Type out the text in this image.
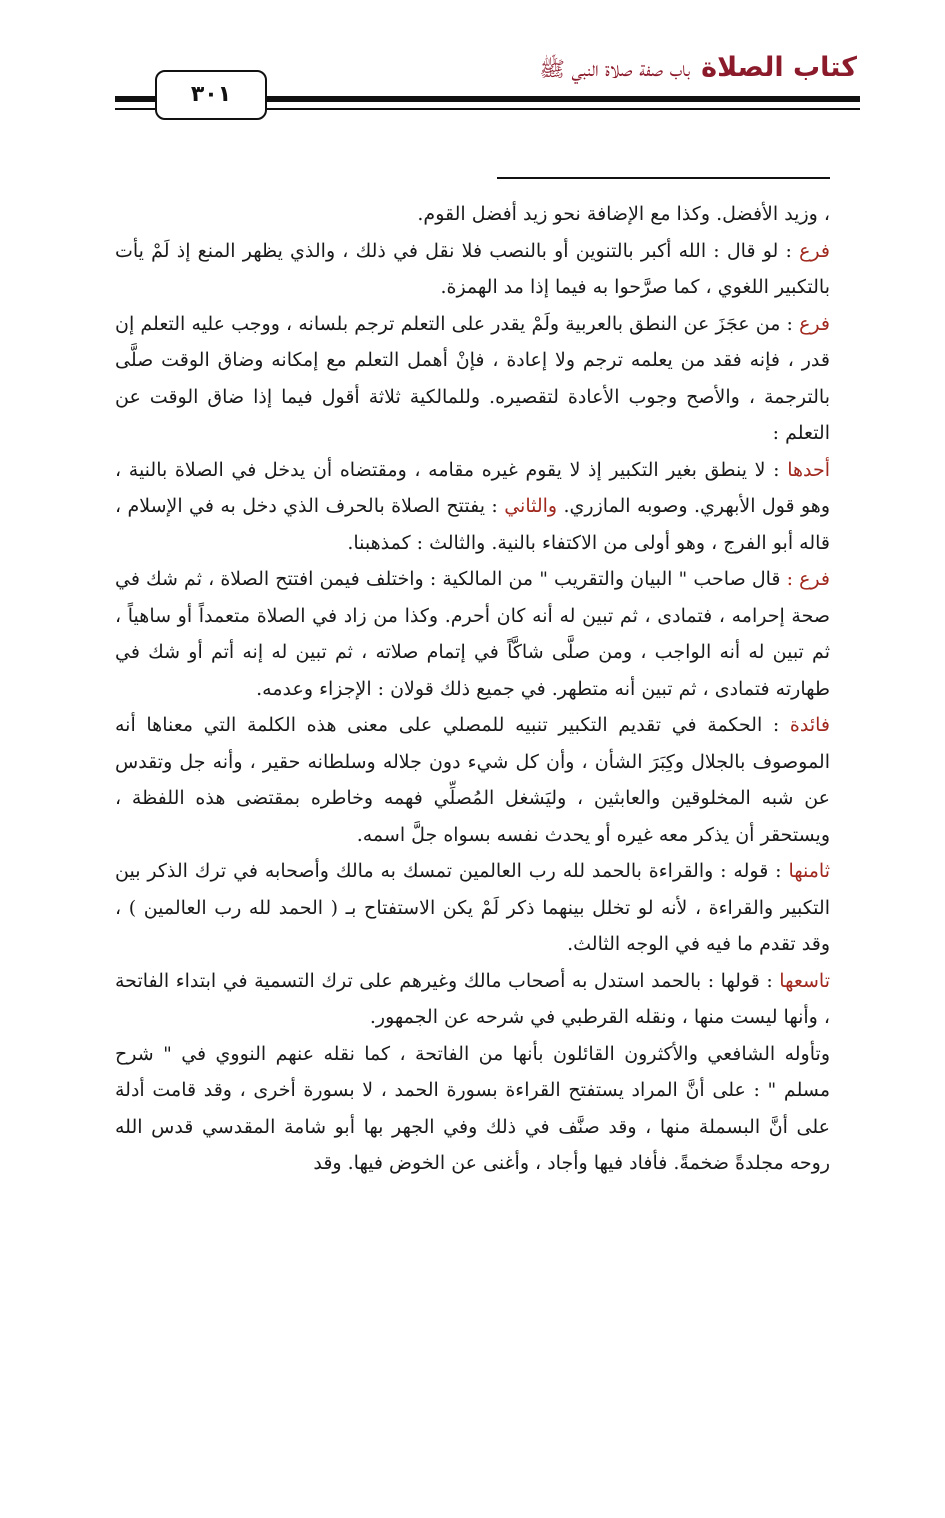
كتاب الصلاة باب صفة صلاة النبي ﷺ
٣٠١

، وزيد الأفضل. وكذا مع الإضافة نحو زيد أفضل القوم.

فرع : لو قال : الله أكبر بالتنوين أو بالنصب فلا نقل في ذلك ، والذي يظهر المنع إذ لَمْ يأت بالتكبير اللغوي ، كما صرَّحوا به فيما إذا مد الهمزة.

فرع : من عجَزَ عن النطق بالعربية ولَمْ يقدر على التعلم ترجم بلسانه ، ووجب عليه التعلم إن قدر ، فإنه فقد من يعلمه ترجم ولا إعادة ، فإنْ أهمل التعلم مع إمكانه وضاق الوقت صلَّى بالترجمة ، والأصح وجوب الأعادة لتقصيره. وللمالكية ثلاثة أقول فيما إذا ضاق الوقت عن التعلم :

أحدها : لا ينطق بغير التكبير إذ لا يقوم غيره مقامه ، ومقتضاه أن يدخل في الصلاة بالنية ، وهو قول الأبهري. وصوبه المازري. والثاني : يفتتح الصلاة بالحرف الذي دخل به في الإسلام ، قاله أبو الفرج ، وهو أولى من الاكتفاء بالنية. والثالث : كمذهبنا.

فرع : قال صاحب " البيان والتقريب " من المالكية : واختلف فيمن افتتح الصلاة ، ثم شك في صحة إحرامه ، فتمادى ، ثم تبين له أنه كان أحرم. وكذا من زاد في الصلاة متعمداً أو ساهياً ، ثم تبين له أنه الواجب ، ومن صلَّى شاكَّاً في إتمام صلاته ، ثم تبين له إنه أتم أو شك في طهارته فتمادى ، ثم تبين أنه متطهر. في جميع ذلك قولان : الإجزاء وعدمه.

فائدة : الحكمة في تقديم التكبير تنبيه للمصلي على معنى هذه الكلمة التي معناها أنه الموصوف بالجلال وكِبَرَ الشأن ، وأن كل شيء دون جلاله وسلطانه حقير ، وأنه جل وتقدس عن شبه المخلوقين والعابثين ، وليَشغل المُصلِّي فهمه وخاطره بمقتضى هذه اللفظة ، ويستحقر أن يذكر معه غيره أو يحدث نفسه بسواه جلَّ اسمه.

ثامنها : قوله : والقراءة بالحمد لله رب العالمين تمسك به مالك وأصحابه في ترك الذكر بين التكبير والقراءة ، لأنه لو تخلل بينهما ذكر لَمْ يكن الاستفتاح بـ ( الحمد لله رب العالمين ) ، وقد تقدم ما فيه في الوجه الثالث.

تاسعها : قولها : بالحمد استدل به أصحاب مالك وغيرهم على ترك التسمية في ابتداء الفاتحة ، وأنها ليست منها ، ونقله القرطبي في شرحه عن الجمهور.

وتأوله الشافعي والأكثرون القائلون بأنها من الفاتحة ، كما نقله عنهم النووي في " شرح مسلم " : على أنَّ المراد يستفتح القراءة بسورة الحمد ، لا بسورة أخرى ، وقد قامت أدلة على أنَّ البسملة منها ، وقد صنَّف في ذلك وفي الجهر بها أبو شامة المقدسي قدس الله روحه مجلدةً ضخمةً. فأفاد فيها وأجاد ، وأغنى عن الخوض فيها. وقد
